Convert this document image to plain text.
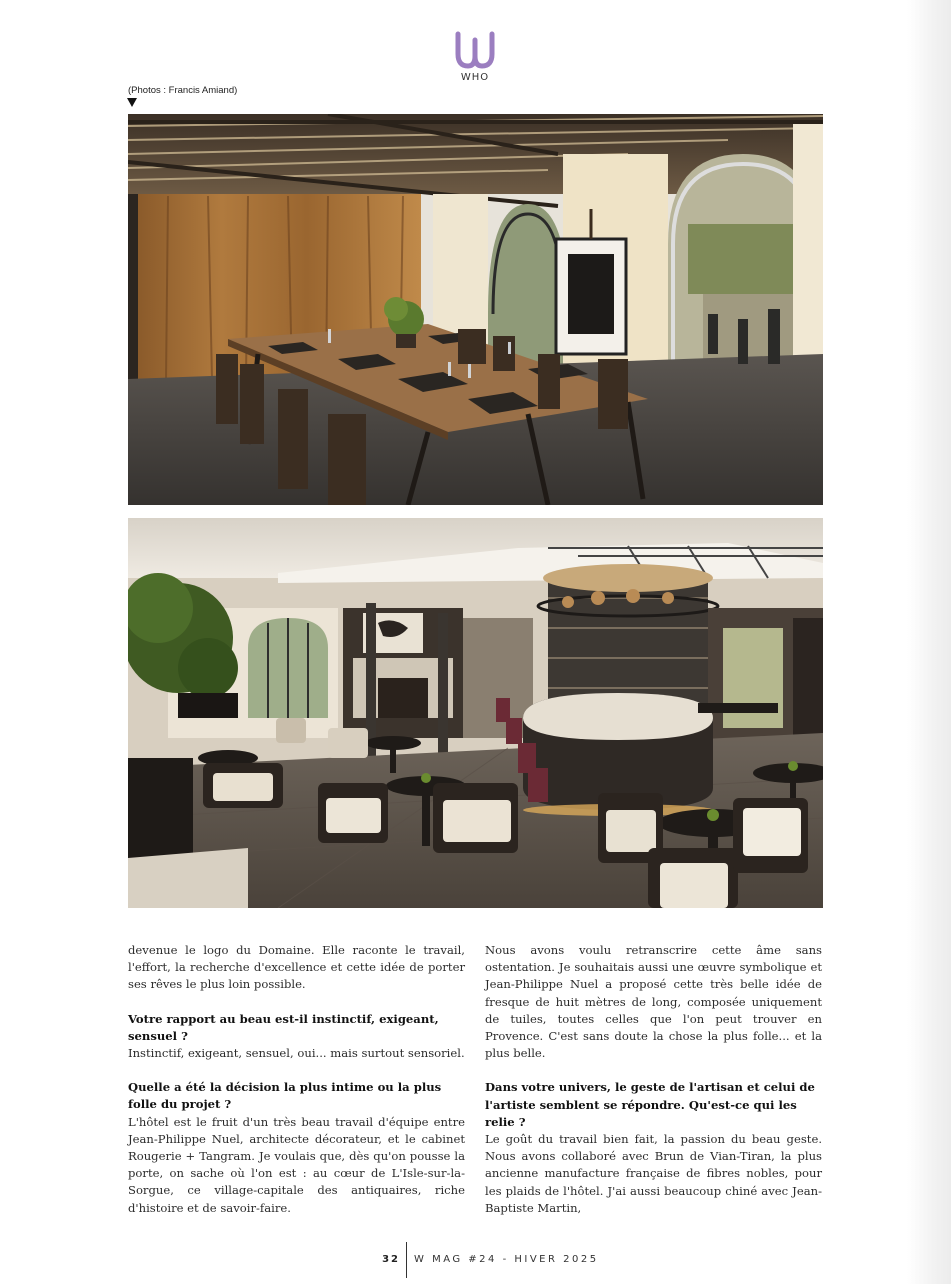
WHO
(Photos : Francis Amiand)

devenue le logo du Domaine. Elle raconte le travail, l'effort, la recherche d'excellence et cette idée de porter ses rêves le plus loin possible.

Votre rapport au beau est-il instinctif, exigeant, sensuel ?
Instinctif, exigeant, sensuel, oui... mais surtout sensoriel.

Quelle a été la décision la plus intime ou la plus folle du projet ?
L'hôtel est le fruit d'un très beau travail d'équipe entre Jean-Philippe Nuel, architecte décorateur, et le cabinet Rougerie + Tangram. Je voulais que, dès qu'on pousse la porte, on sache où l'on est : au cœur de L'Isle-sur-la-Sorgue, ce village-capitale des antiquaires, riche d'histoire et de savoir-faire.

Nous avons voulu retranscrire cette âme sans ostentation. Je souhaitais aussi une œuvre symbolique et Jean-Philippe Nuel a proposé cette très belle idée de fresque de huit mètres de long, composée uniquement de tuiles, toutes celles que l'on peut trouver en Provence. C'est sans doute la chose la plus folle... et la plus belle.

Dans votre univers, le geste de l'artisan et celui de l'artiste semblent se répondre. Qu'est-ce qui les relie ?
Le goût du travail bien fait, la passion du beau geste. Nous avons collaboré avec Brun de Vian-Tiran, la plus ancienne manufacture française de fibres nobles, pour les plaids de l'hôtel. J'ai aussi beaucoup chiné avec Jean-Baptiste Martin,

32 W MAG #24 - HIVER 2025
